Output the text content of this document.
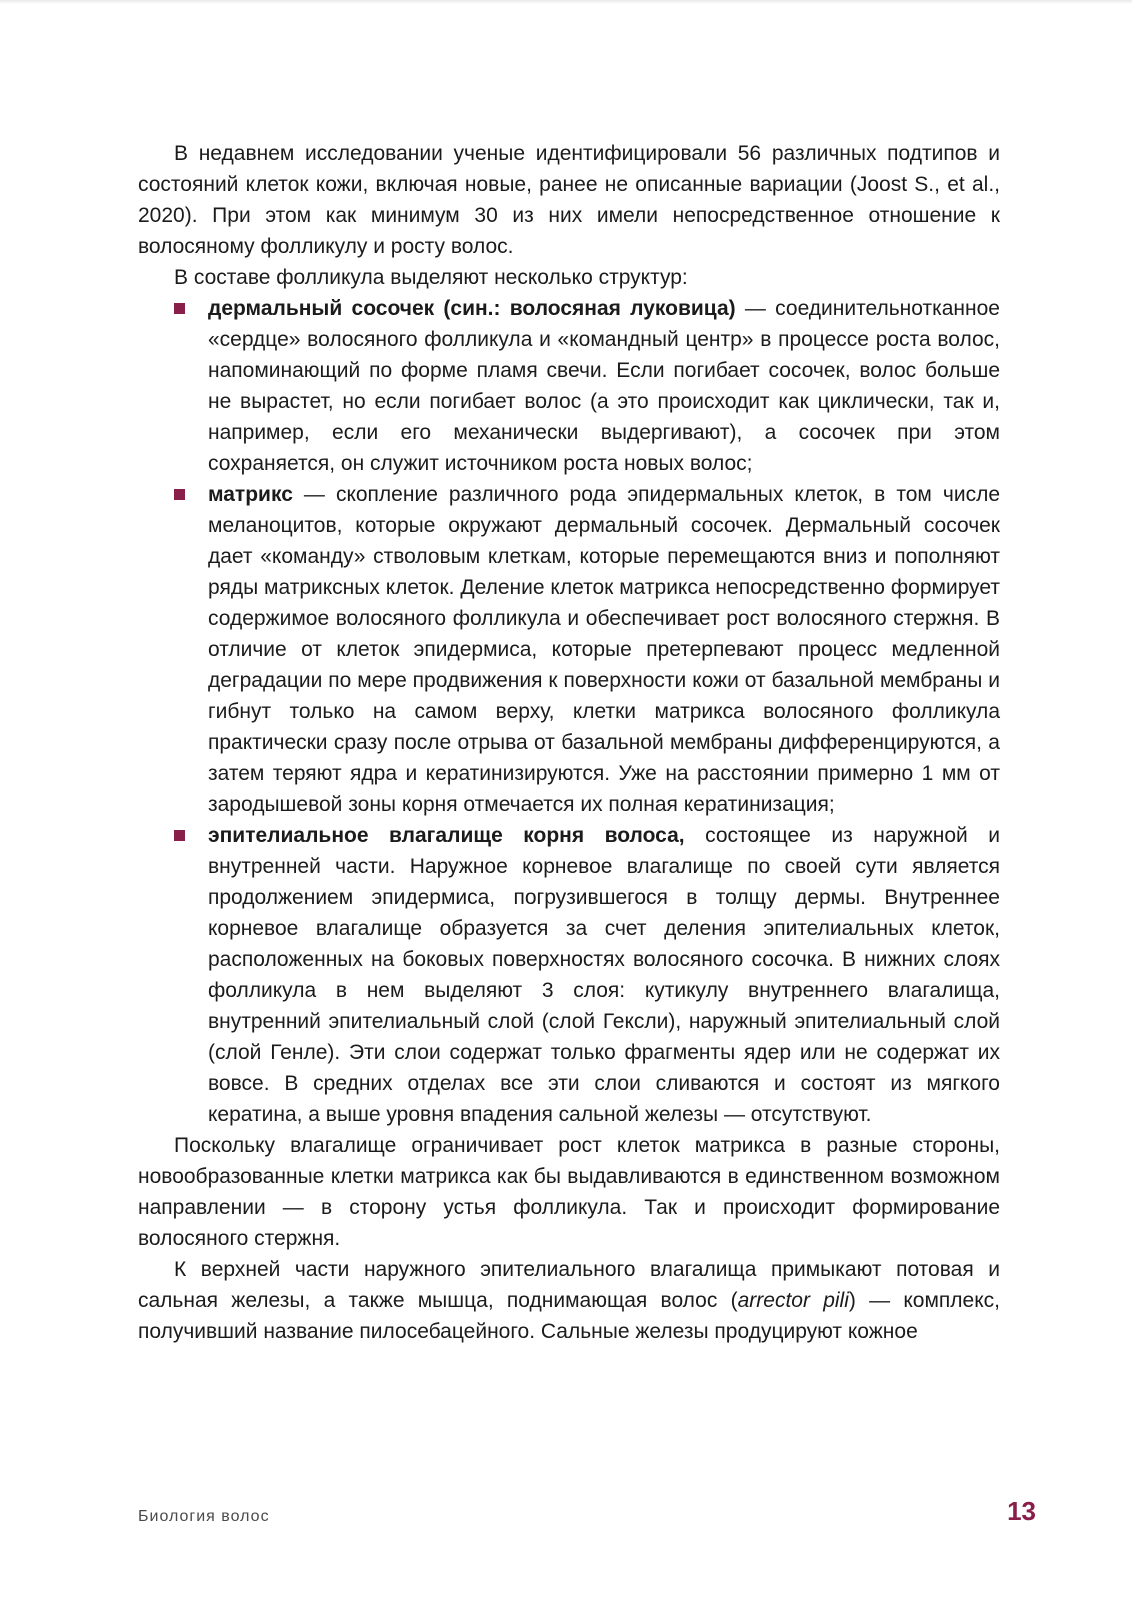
В недавнем исследовании ученые идентифицировали 56 различных подтипов и состояний клеток кожи, включая новые, ранее не описанные вариации (Joost S., et al., 2020). При этом как минимум 30 из них имели непосредственное отношение к волосяному фолликулу и росту волос.

В составе фолликула выделяют несколько структур:

дермальный сосочек (син.: волосяная луковица) — соединительнотканное «сердце» волосяного фолликула и «командный центр» в процессе роста волос, напоминающий по форме пламя свечи. Если погибает сосочек, волос больше не вырастет, но если погибает волос (а это происходит как циклически, так и, например, если его механически выдергивают), а сосочек при этом сохраняется, он служит источником роста новых волос;
матрикс — скопление различного рода эпидермальных клеток, в том числе меланоцитов, которые окружают дермальный сосочек. Дермальный сосочек дает «команду» стволовым клеткам, которые перемещаются вниз и пополняют ряды матриксных клеток. Деление клеток матрикса непосредственно формирует содержимое волосяного фолликула и обеспечивает рост волосяного стержня. В отличие от клеток эпидермиса, которые претерпевают процесс медленной деградации по мере продвижения к поверхности кожи от базальной мембраны и гибнут только на самом верху, клетки матрикса волосяного фолликула практически сразу после отрыва от базальной мембраны дифференцируются, а затем теряют ядра и кератинизируются. Уже на расстоянии примерно 1 мм от зародышевой зоны корня отмечается их полная кератинизация;
эпителиальное влагалище корня волоса, состоящее из наружной и внутренней части. Наружное корневое влагалище по своей сути является продолжением эпидермиса, погрузившегося в толщу дермы. Внутреннее корневое влагалище образуется за счет деления эпителиальных клеток, расположенных на боковых поверхностях волосяного сосочка. В нижних слоях фолликула в нем выделяют 3 слоя: кутикулу внутреннего влагалища, внутренний эпителиальный слой (слой Гексли), наружный эпителиальный слой (слой Генле). Эти слои содержат только фрагменты ядер или не содержат их вовсе. В средних отделах все эти слои сливаются и состоят из мягкого кератина, а выше уровня впадения сальной железы — отсутствуют.

Поскольку влагалище ограничивает рост клеток матрикса в разные стороны, новообразованные клетки матрикса как бы выдавливаются в единственном возможном направлении — в сторону устья фолликула. Так и происходит формирование волосяного стержня.

К верхней части наружного эпителиального влагалища примыкают потовая и сальная железы, а также мышца, поднимающая волос (arrector pili) — комплекс, получивший название пилосебацейного. Сальные железы продуцируют кожное

Биология волос	13
